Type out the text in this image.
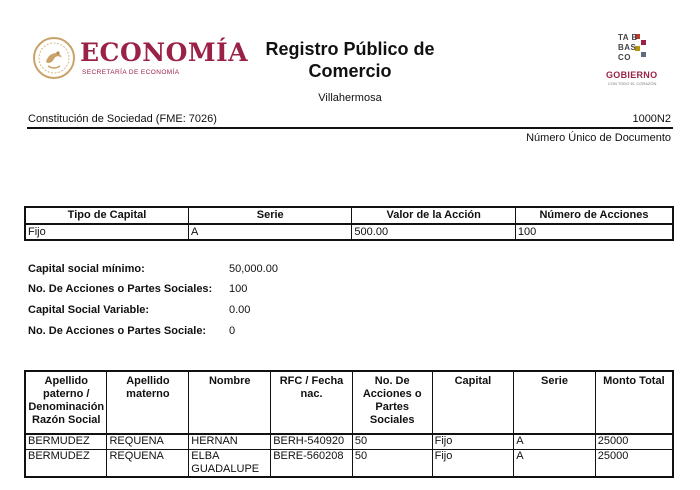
ECONOMÍA
SECRETARÍA DE ECONOMÍA
Registro Público de
Comercio
TA B
BAS
CO
GOBIERNO
CON TODO EL CORAZÓN
Villahermosa
Constitución de Sociedad (FME: 7026)	1000N2
Número Único de Documento
Tipo de Capital	Serie	Valor de la Acción	Número de Acciones
Fijo	A	500.00	100
Capital social mínimo:	50,000.00
No. De Acciones o Partes Sociales: 100
Capital Social Variable:	0.00
No. De Acciones o Partes Sociale: 0
Apellido paterno / Denominación Razón Social	Apellido materno	Nombre	RFC / Fecha nac.	No. De Acciones o Partes Sociales	Capital	Serie	Monto Total
BERMUDEZ	REQUENA	HERNAN	BERH-540920	50	Fijo	A	25000
BERMUDEZ	REQUENA	ELBA GUADALUPE	BERE-560208	50	Fijo	A	25000
